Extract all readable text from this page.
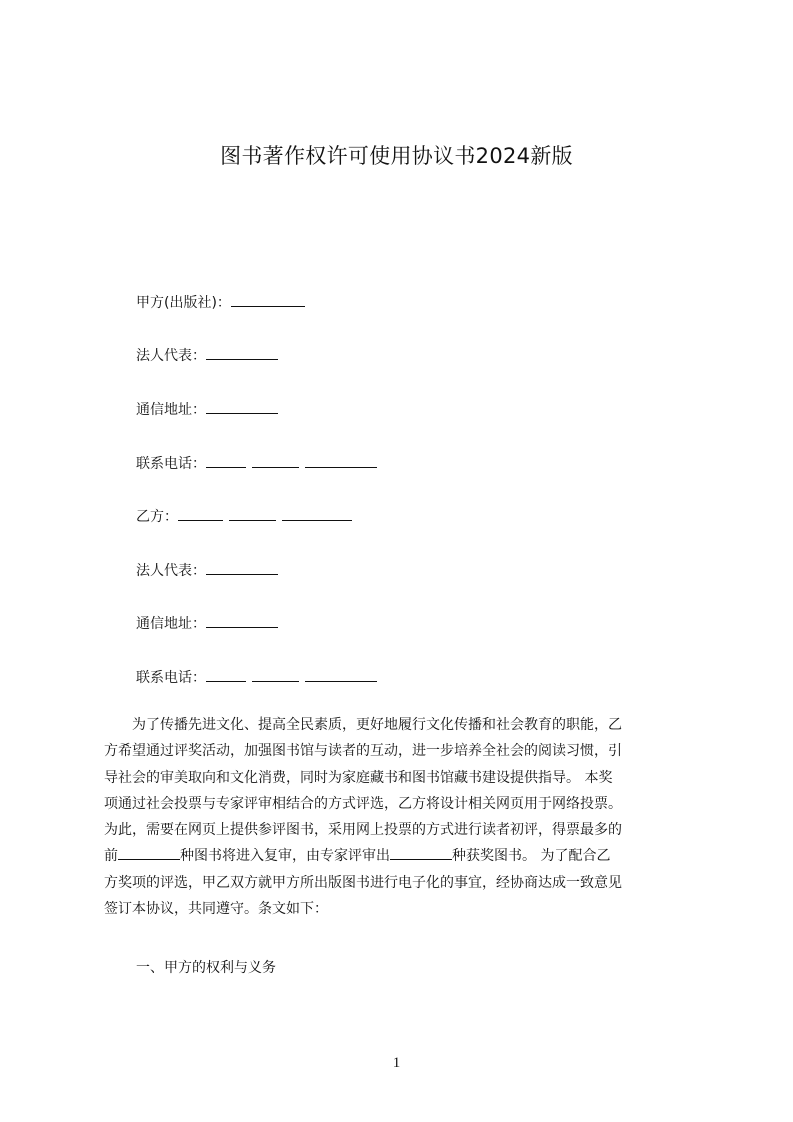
图书著作权许可使用协议书2024新版
甲方(出版社)：
法人代表：
通信地址：
联系电话：
乙方：
法人代表：
通信地址：
联系电话：
为了传播先进文化、提高全民素质，更好地履行文化传播和社会教育的职能，乙
方希望通过评奖活动，加强图书馆与读者的互动，进一步培养全社会的阅读习惯，引
导社会的审美取向和文化消费，同时为家庭藏书和图书馆藏书建设提供指导。 本奖
项通过社会投票与专家评审相结合的方式评选，乙方将设计相关网页用于网络投票。
为此，需要在网页上提供参评图书，采用网上投票的方式进行读者初评，得票最多的
前	种图书将进入复审，由专家评审出	种获奖图书。 为了配合乙
方奖项的评选，甲乙双方就甲方所出版图书进行电子化的事宜，经协商达成一致意见
签订本协议，共同遵守。条文如下：
一、甲方的权利与义务
1
